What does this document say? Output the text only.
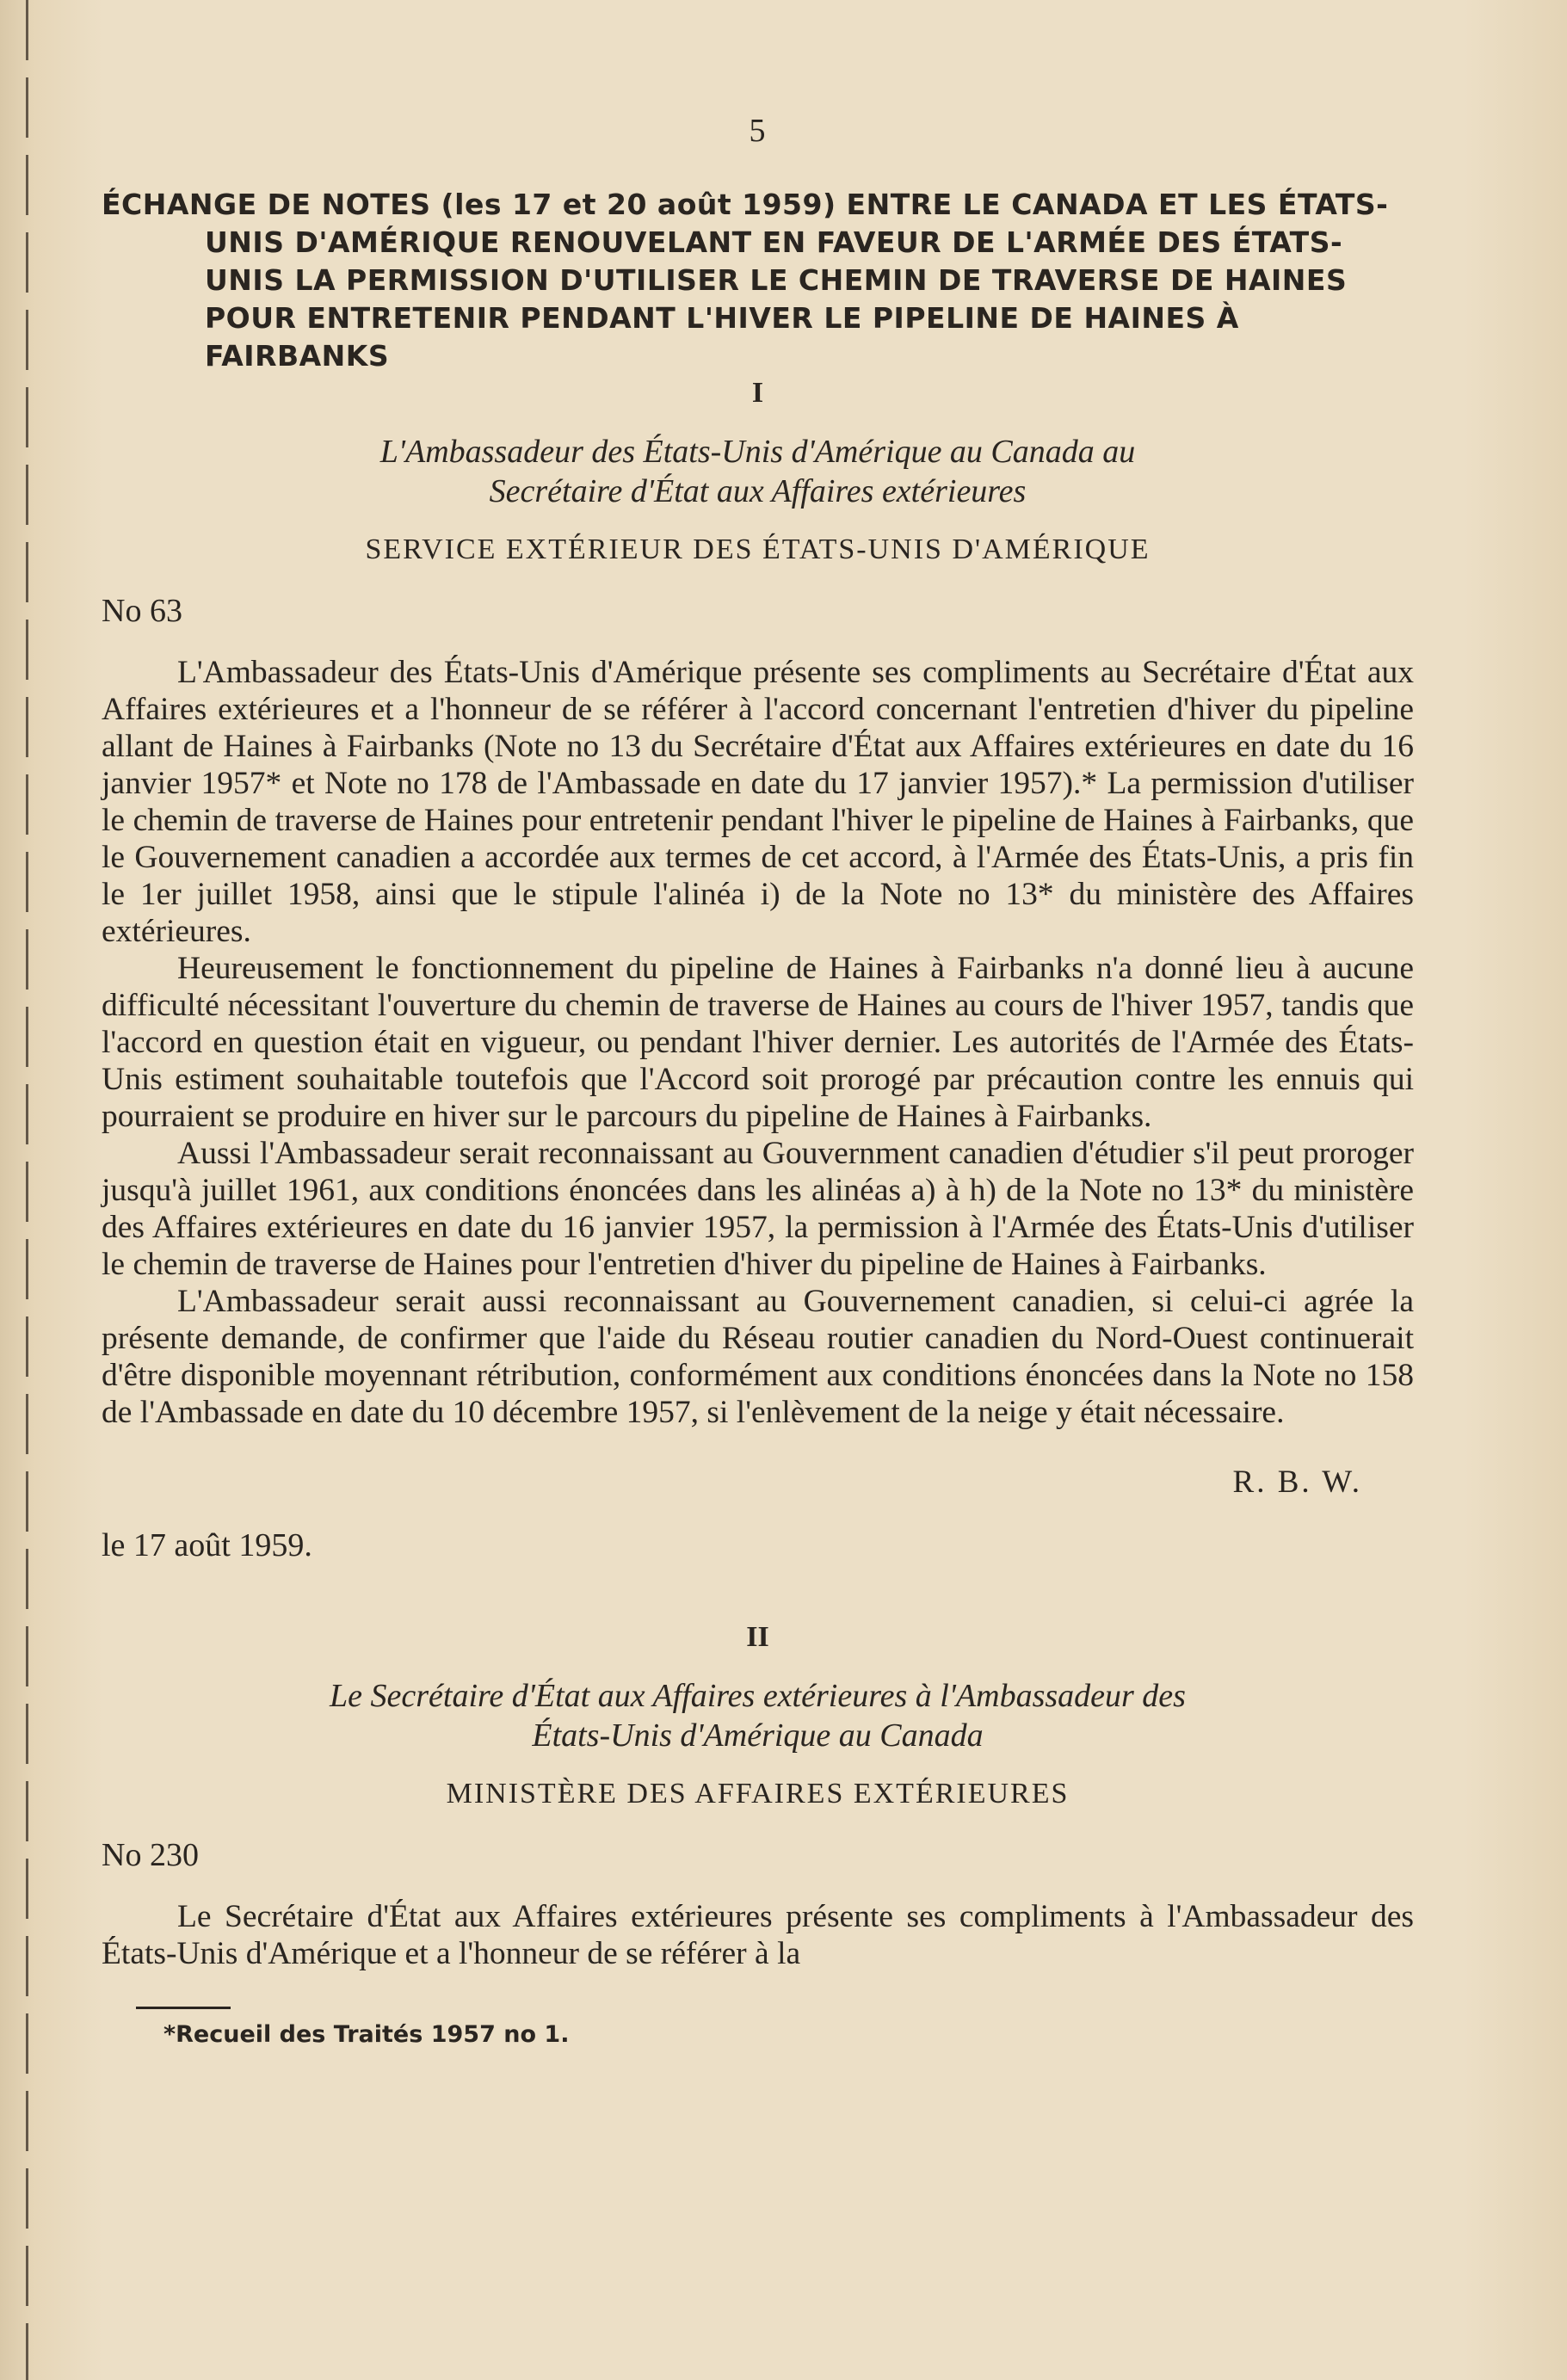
5
ÉCHANGE DE NOTES (les 17 et 20 août 1959) ENTRE LE CANADA ET LES ÉTATS-UNIS D'AMÉRIQUE RENOUVELANT EN FAVEUR DE L'ARMÉE DES ÉTATS-UNIS LA PERMISSION D'UTILISER LE CHEMIN DE TRAVERSE DE HAINES POUR ENTRETENIR PENDANT L'HIVER LE PIPELINE DE HAINES À FAIRBANKS
I
L'Ambassadeur des États-Unis d'Amérique au Canada au
Secrétaire d'État aux Affaires extérieures
SERVICE EXTÉRIEUR DES ÉTATS-UNIS D'AMÉRIQUE
No 63

L'Ambassadeur des États-Unis d'Amérique présente ses compliments au Secrétaire d'État aux Affaires extérieures et a l'honneur de se référer à l'accord concernant l'entretien d'hiver du pipeline allant de Haines à Fairbanks (Note no 13 du Secrétaire d'État aux Affaires extérieures en date du 16 janvier 1957* et Note no 178 de l'Ambassade en date du 17 janvier 1957).* La permission d'utiliser le chemin de traverse de Haines pour entretenir pendant l'hiver le pipeline de Haines à Fairbanks, que le Gouvernement canadien a accordée aux termes de cet accord, à l'Armée des États-Unis, a pris fin le 1er juillet 1958, ainsi que le stipule l'alinéa i) de la Note no 13* du ministère des Affaires extérieures.

Heureusement le fonctionnement du pipeline de Haines à Fairbanks n'a donné lieu à aucune difficulté nécessitant l'ouverture du chemin de traverse de Haines au cours de l'hiver 1957, tandis que l'accord en question était en vigueur, ou pendant l'hiver dernier. Les autorités de l'Armée des États-Unis estiment souhaitable toutefois que l'Accord soit prorogé par précaution contre les ennuis qui pourraient se produire en hiver sur le parcours du pipeline de Haines à Fairbanks.

Aussi l'Ambassadeur serait reconnaissant au Gouvernment canadien d'étudier s'il peut proroger jusqu'à juillet 1961, aux conditions énoncées dans les alinéas a) à h) de la Note no 13* du ministère des Affaires extérieures en date du 16 janvier 1957, la permission à l'Armée des États-Unis d'utiliser le chemin de traverse de Haines pour l'entretien d'hiver du pipeline de Haines à Fairbanks.

L'Ambassadeur serait aussi reconnaissant au Gouvernement canadien, si celui-ci agrée la présente demande, de confirmer que l'aide du Réseau routier canadien du Nord-Ouest continuerait d'être disponible moyennant rétribution, conformément aux conditions énoncées dans la Note no 158 de l'Ambassade en date du 10 décembre 1957, si l'enlèvement de la neige y était nécessaire.

R. B. W.
le 17 août 1959.
II
Le Secrétaire d'État aux Affaires extérieures à l'Ambassadeur des
États-Unis d'Amérique au Canada
MINISTÈRE DES AFFAIRES EXTÉRIEURES
No 230

Le Secrétaire d'État aux Affaires extérieures présente ses compliments à l'Ambassadeur des États-Unis d'Amérique et a l'honneur de se référer à la

*Recueil des Traités 1957 no 1.
